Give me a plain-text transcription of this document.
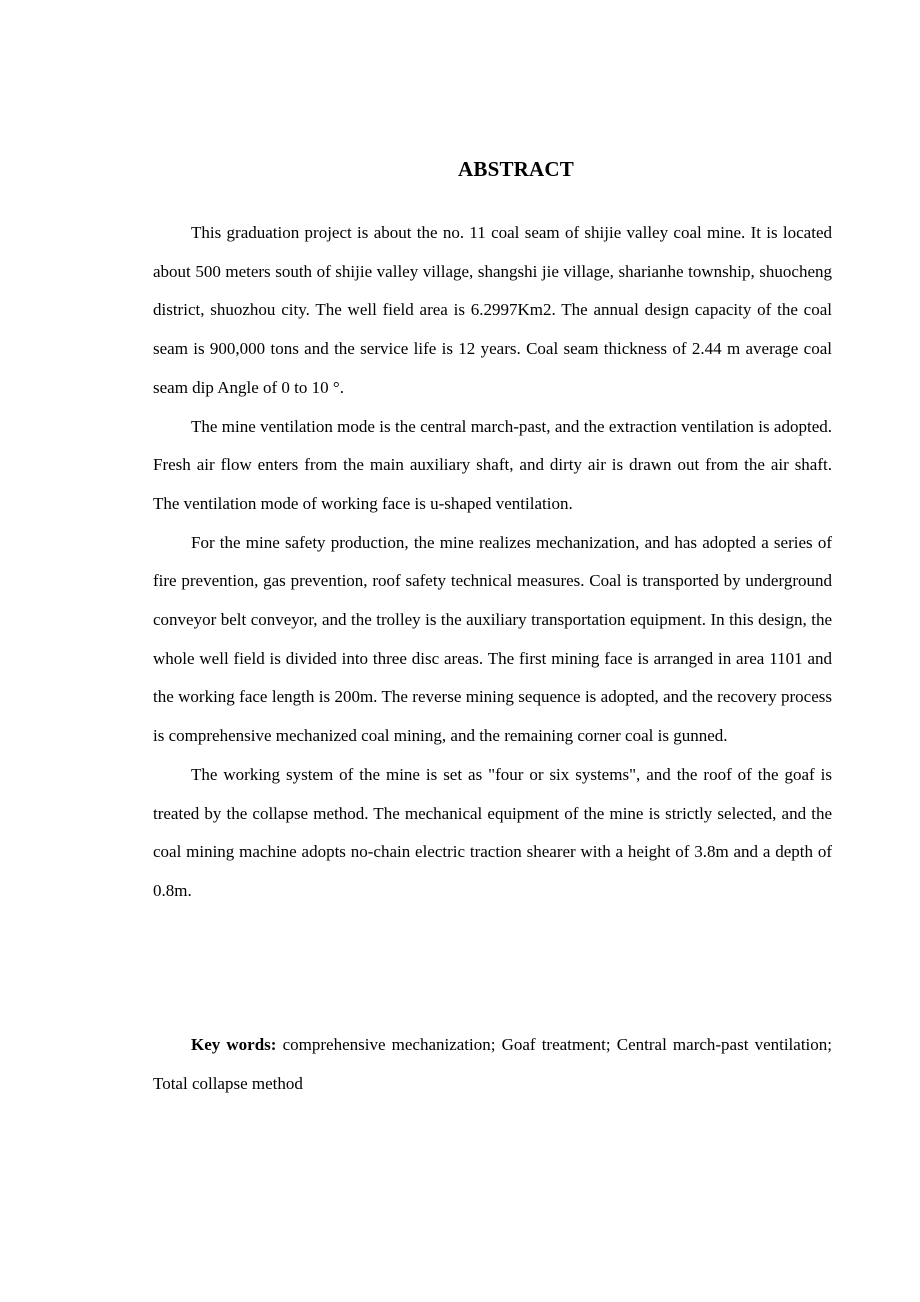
ABSTRACT

This graduation project is about the no. 11 coal seam of shijie valley coal mine. It is located about 500 meters south of shijie valley village, shangshi jie village, sharianhe township, shuocheng district, shuozhou city. The well field area is 6.2997Km2. The annual design capacity of the coal seam is 900,000 tons and the service life is 12 years. Coal seam thickness of 2.44 m average coal seam dip Angle of 0 to 10 °.

The mine ventilation mode is the central march-past, and the extraction ventilation is adopted. Fresh air flow enters from the main auxiliary shaft, and dirty air is drawn out from the air shaft. The ventilation mode of working face is u-shaped ventilation.

For the mine safety production, the mine realizes mechanization, and has adopted a series of fire prevention, gas prevention, roof safety technical measures. Coal is transported by underground conveyor belt conveyor, and the trolley is the auxiliary transportation equipment. In this design, the whole well field is divided into three disc areas. The first mining face is arranged in area 1101 and the working face length is 200m. The reverse mining sequence is adopted, and the recovery process is comprehensive mechanized coal mining, and the remaining corner coal is gunned.

The working system of the mine is set as "four or six systems", and the roof of the goaf is treated by the collapse method. The mechanical equipment of the mine is strictly selected, and the coal mining machine adopts no-chain electric traction shearer with a height of 3.8m and a depth of 0.8m.

Key words: comprehensive mechanization; Goaf treatment; Central march-past ventilation; Total collapse method
